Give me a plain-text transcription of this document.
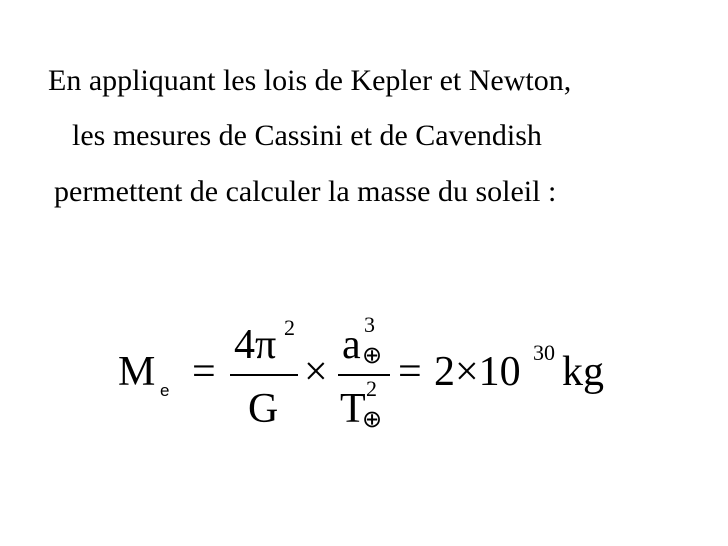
En appliquant les lois de Kepler et Newton,
les mesures de Cassini et de Cavendish
permettent de calculer la masse du soleil :
M e =
4π 2
G
×
a 3
⊕
T 2
⊕
= 2×10 30 kg
